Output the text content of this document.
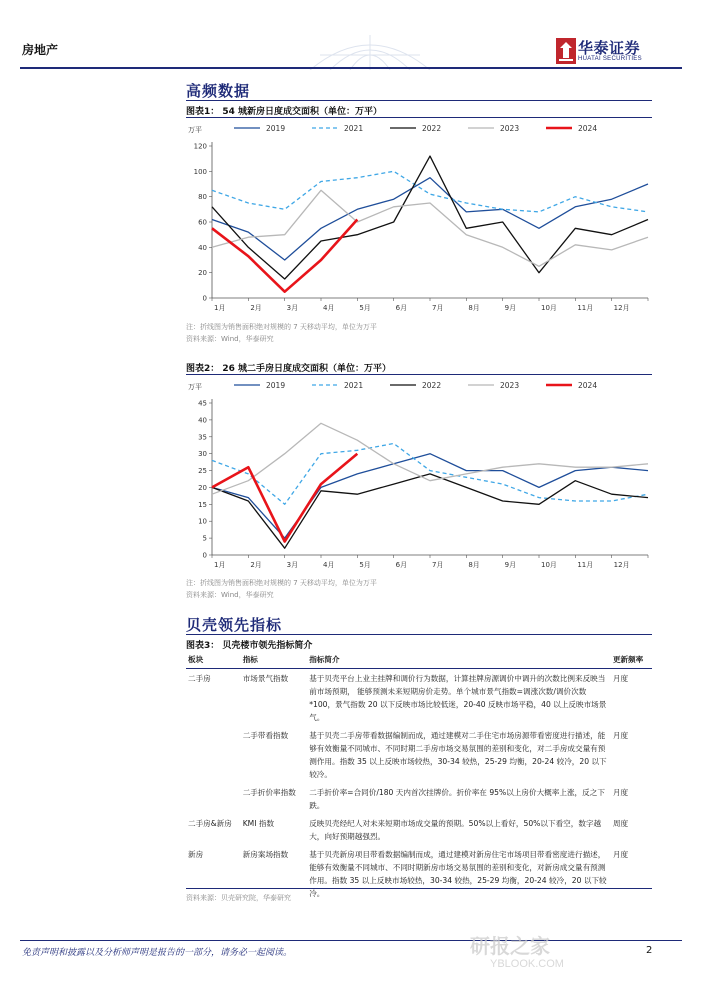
房地产	华泰证券
HUATAI SECURITIES
高频数据
图表1： 54 城新房日度成交面积（单位：万平）
万平	2019	2021	2022	2023	2024
0
20
40
60
80
100
120
1月	2月	3月	4月	5月	6月	7月	8月	9月	10月	11月	12月
注：折线图为销售面积绝对规模的 7 天移动平均，单位为万平
资料来源：Wind，华泰研究
图表2： 26 城二手房日度成交面积（单位：万平）
万平	2019	2021	2022	2023	2024
0
5
10
15
20
25
30
35
40
45
1月	2月	3月	4月	5月	6月	7月	8月	9月	10月	11月	12月
注：折线图为销售面积绝对规模的 7 天移动平均，单位为万平
资料来源：Wind，华泰研究
贝壳领先指标
图表3： 贝壳楼市领先指标简介
板块	指标	指标简介	更新频率
二手房	市场景气指数	基于贝壳平台上业主挂牌和调价行为数据，计算挂牌房源调价中调升的次数比例来反映当前市场预期， 能够预测未来短期房价走势。单个城市景气指数=调涨次数/调价次数*100，景气指数 20 以下反映市场比较低迷，20-40 反映市场平稳，40 以上反映市场景气。	月度
	二手带看指数	基于贝壳二手房带看数据编制而成，通过建模对二手住宅市场房源带看密度进行描述，能够有效衡量不同城市、不同时期二手房市场交易氛围的差别和变化，对二手房成交量有预测作用。指数 35 以上反映市场较热，30-34 较热，25-29 均衡，20-24 较冷，20 以下较冷。	月度
	二手折价率指数	二手折价率=合同价/180 天内首次挂牌价。折价率在 95%以上房价大概率上涨，反之下跌。	月度
二手房&新房	KMI 指数	反映贝壳经纪人对未来短期市场成交量的预期。50%以上看好，50%以下看空，数字越大，向好预期越强烈。	周度
新房	新房案场指数	基于贝壳新房项目带看数据编制而成，通过建模对新房住宅市场项目带看密度进行描述，能够有效衡量不同城市、不同时期新房市场交易氛围的差别和变化，对新房成交量有预测作用。指数 35 以上反映市场较热，30-34 较热，25-29 均衡，20-24 较冷，20 以下较冷。	月度
资料来源：贝壳研究院，华泰研究
免责声明和披露以及分析师声明是报告的一部分，请务必一起阅读。	研报之家
YBLOOK.COM
2
